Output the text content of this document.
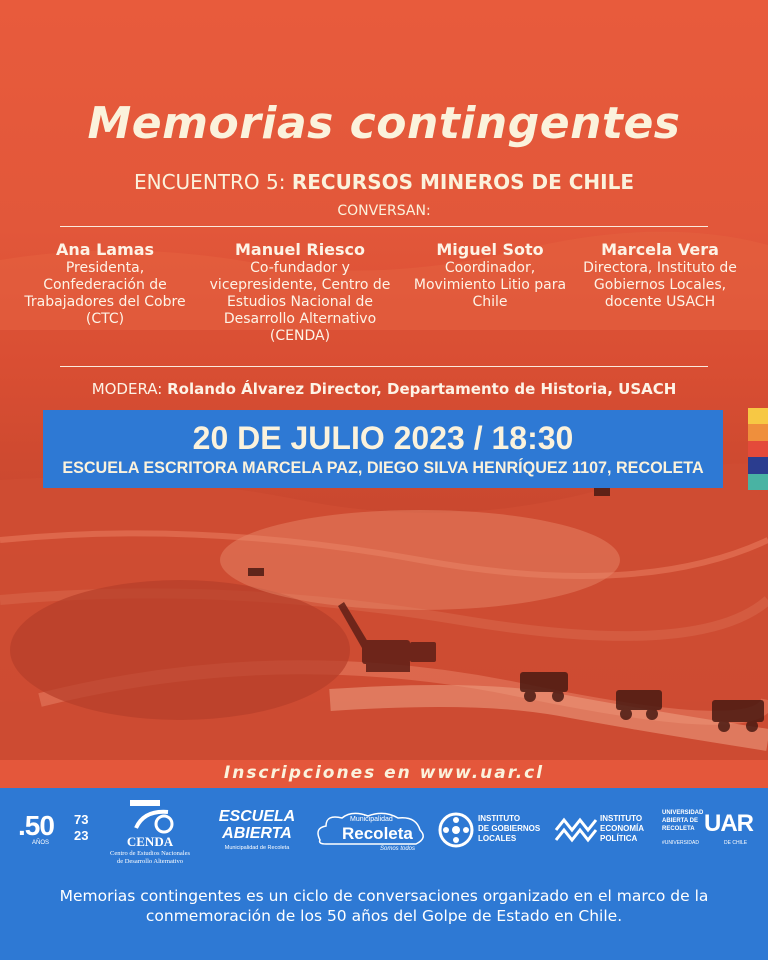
Memorias contingentes
ENCUENTRO 5: RECURSOS MINEROS DE CHILE
CONVERSAN:
Ana Lamas
Presidenta, Confederación de Trabajadores del Cobre (CTC)
Manuel Riesco
Co-fundador y vicepresidente, Centro de Estudios Nacional de Desarrollo Alternativo (CENDA)
Miguel Soto
Coordinador, Movimiento Litio para Chile
Marcela Vera
Directora, Instituto de Gobiernos Locales, docente USACH
MODERA: Rolando Álvarez Director, Departamento de Historia, USACH
20 DE JULIO 2023 / 18:30
ESCUELA ESCRITORA MARCELA PAZ, DIEGO SILVA HENRÍQUEZ 1107, RECOLETA
Inscripciones en www.uar.cl
.50
AÑOS
73
23	CENDA
Centro de Estudios Nacionales
de Desarrollo Alternativo
ESCUELA
ABIERTA
Municipalidad de Recoleta
Municipalidad
Recoleta
Somos todos
INSTITUTO
DE GOBIERNOS
LOCALES
INSTITUTO
ECONOMÍA
POLÍTICA
UNIVERSIDAD
ABIERTA DE
RECOLETA UAR
#UNIVERSIDAD	DE CHILE
Memorias contingentes es un ciclo de conversaciones organizado en el marco de la conmemoración de los 50 años del Golpe de Estado en Chile.
